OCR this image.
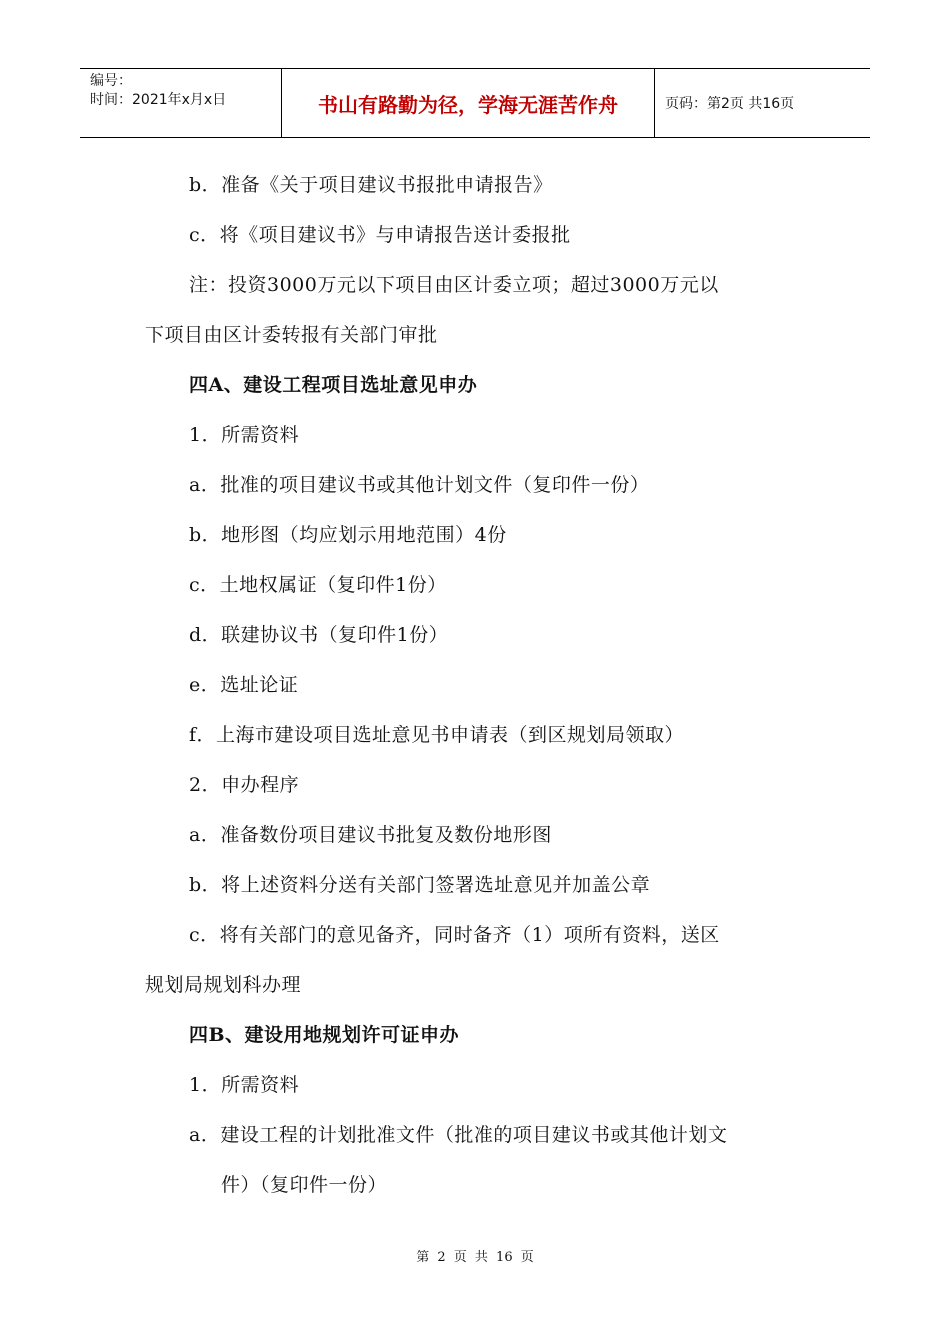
编号：
时间：2021年x月x日	书山有路勤为径，学海无涯苦作舟	页码：第2页 共16页
b．准备《关于项目建议书报批申请报告》
c．将《项目建议书》与申请报告送计委报批
注：投资3000万元以下项目由区计委立项；超过3000万元以
下项目由区计委转报有关部门审批
四A、建设工程项目选址意见申办
1．所需资料
a．批准的项目建议书或其他计划文件（复印件一份）
b．地形图（均应划示用地范围）4份
c．土地权属证（复印件1份）
d．联建协议书（复印件1份）
e．选址论证
f．上海市建设项目选址意见书申请表（到区规划局领取）
2．申办程序
a．准备数份项目建议书批复及数份地形图
b．将上述资料分送有关部门签署选址意见并加盖公章
c．将有关部门的意见备齐，同时备齐（1）项所有资料，送区
规划局规划科办理
四B、建设用地规划许可证申办
1．所需资料
a．建设工程的计划批准文件（批准的项目建议书或其他计划文
件）（复印件一份）
第 2 页 共 16 页
